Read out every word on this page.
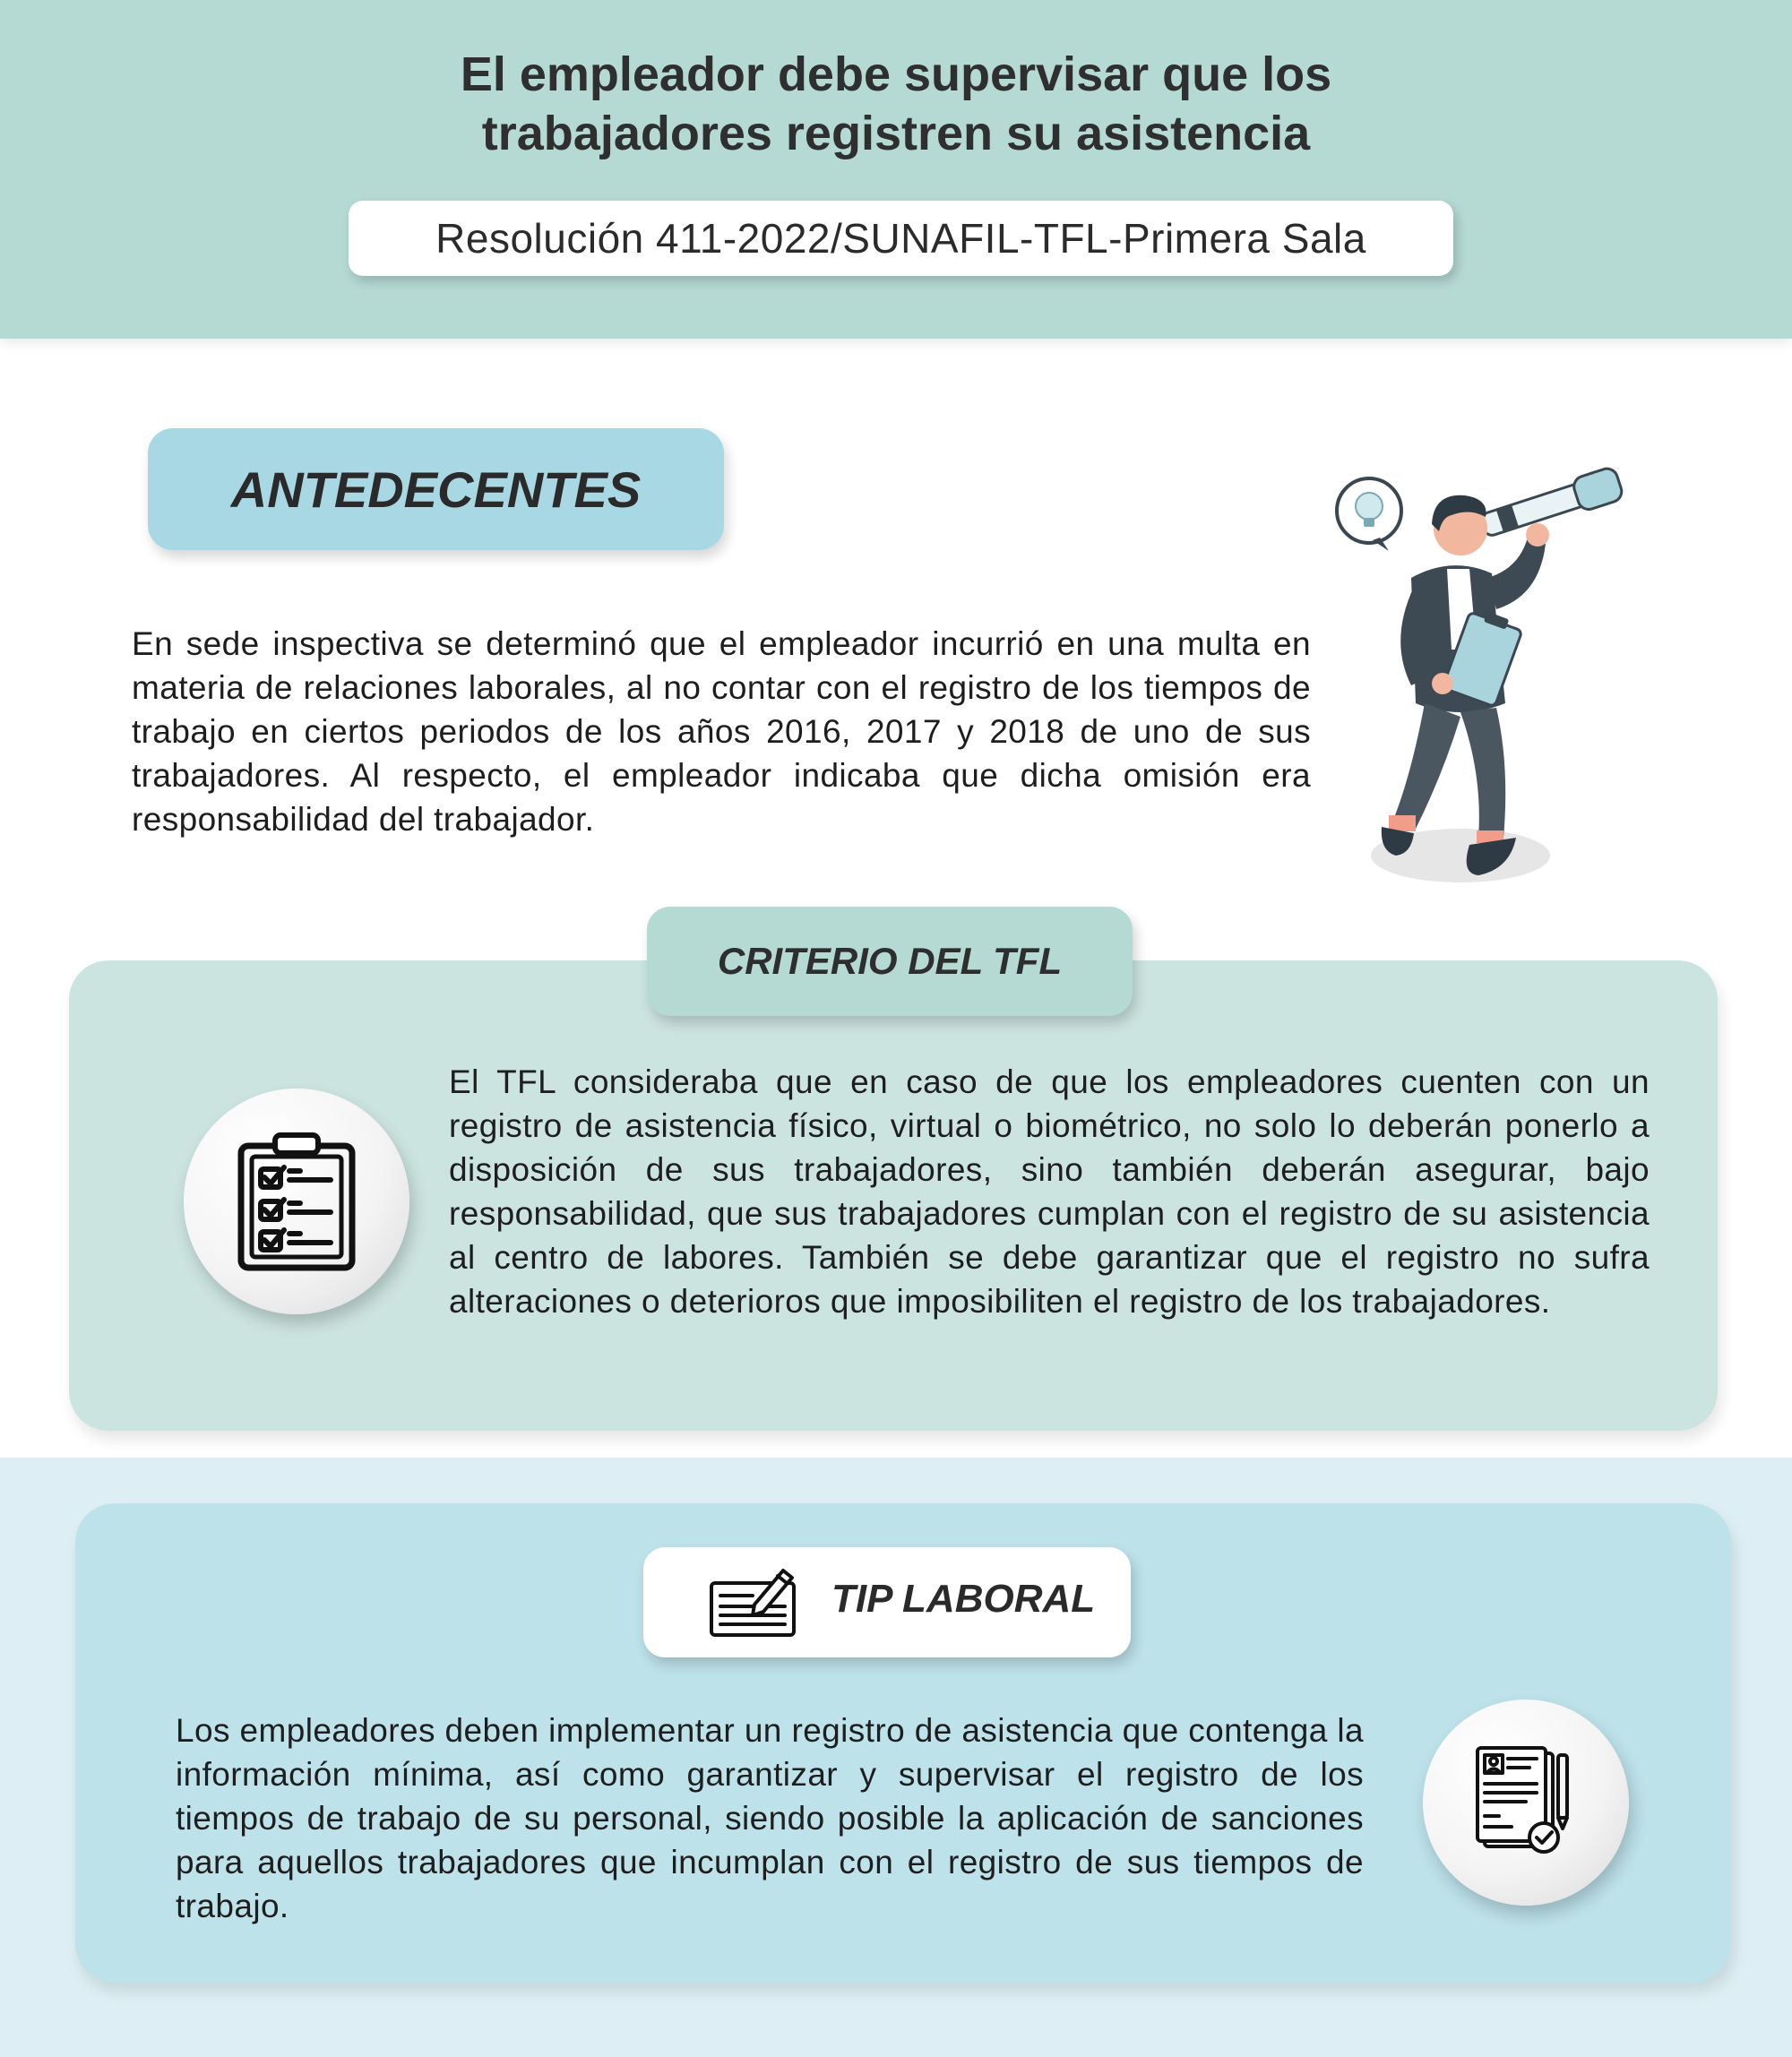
El empleador debe supervisar que los
trabajadores registren su asistencia
Resolución 411-2022/SUNAFIL-TFL-Primera Sala
ANTEDECENTES
En sede inspectiva se determinó que el empleador incurrió en una multa en materia de relaciones laborales, al no contar con el registro de los tiempos de trabajo en ciertos periodos de los años 2016, 2017 y 2018 de uno de sus trabajadores. Al respecto, el empleador indicaba que dicha omisión era responsabilidad del trabajador.
CRITERIO DEL TFL
El TFL consideraba que en caso de que los empleadores cuenten con un registro de asistencia físico, virtual o biométrico, no solo lo deberán ponerlo a disposición de sus trabajadores, sino también deberán asegurar, bajo responsabilidad, que sus trabajadores cumplan con el registro de su asistencia al centro de labores. También se debe garantizar que el registro no sufra alteraciones o deterioros que imposibiliten el registro de los trabajadores.
TIP LABORAL
Los empleadores deben implementar un registro de asistencia que contenga la información mínima, así como garantizar y supervisar el registro de los tiempos de trabajo de su personal, siendo posible la aplicación de sanciones para aquellos trabajadores que incumplan con el registro de sus tiempos de trabajo.
